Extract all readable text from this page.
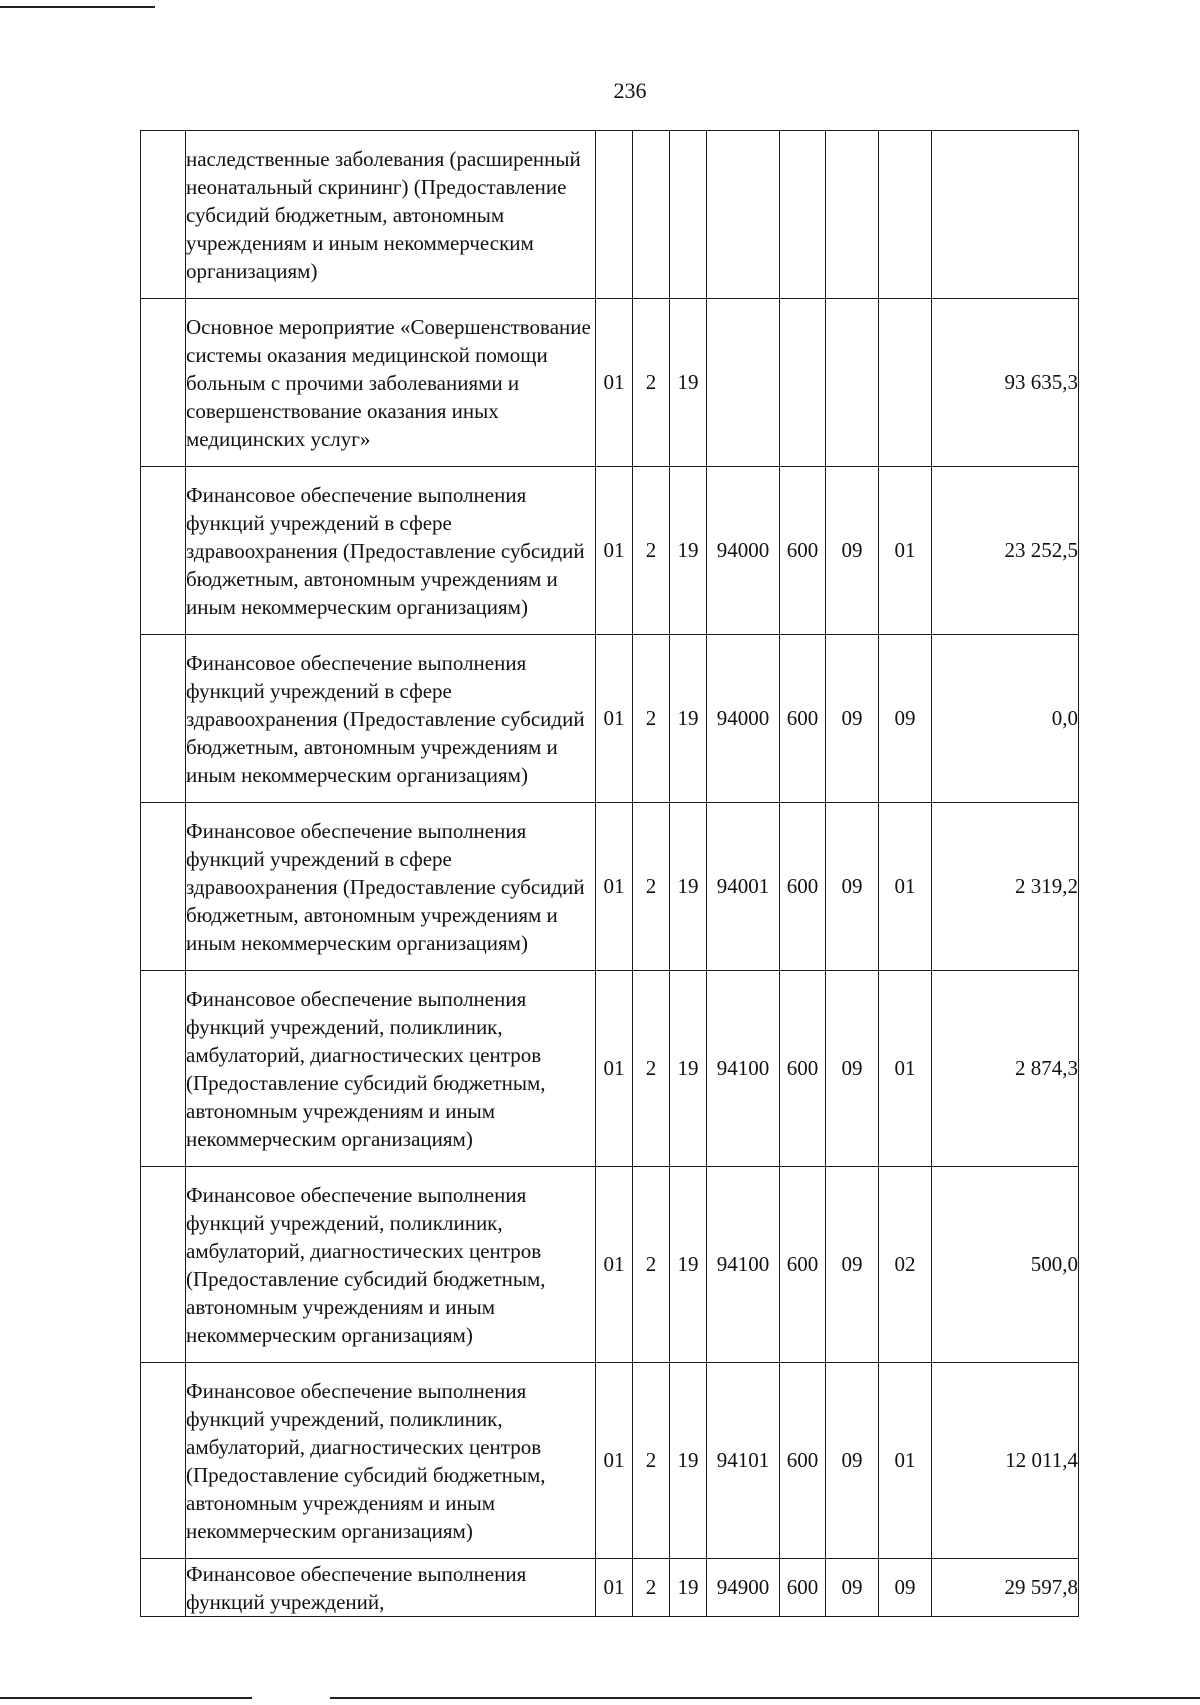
236
	наследственные заболевания (расширенный неонатальный скрининг) (Предоставление субсидий бюджетным, автономным учреждениям и иным некоммерческим организациям)								
	Основное мероприятие «Совершенствование системы оказания медицинской помощи больным с прочими заболеваниями и совершенствование оказания иных медицинских услуг»	01	2	19					93 635,3
	Финансовое обеспечение выполнения функций учреждений в сфере здравоохранения (Предоставление субсидий бюджетным, автономным учреждениям и иным некоммерческим организациям)	01	2	19	94000	600	09	01	23 252,5
	Финансовое обеспечение выполнения функций учреждений в сфере здравоохранения (Предоставление субсидий бюджетным, автономным учреждениям и иным некоммерческим организациям)	01	2	19	94000	600	09	09	0,0
	Финансовое обеспечение выполнения функций учреждений в сфере здравоохранения (Предоставление субсидий бюджетным, автономным учреждениям и иным некоммерческим организациям)	01	2	19	94001	600	09	01	2 319,2
	Финансовое обеспечение выполнения функций учреждений, поликлиник, амбулаторий, диагностических центров (Предоставление субсидий бюджетным, автономным учреждениям и иным некоммерческим организациям)	01	2	19	94100	600	09	01	2 874,3
	Финансовое обеспечение выполнения функций учреждений, поликлиник, амбулаторий, диагностических центров (Предоставление субсидий бюджетным, автономным учреждениям и иным некоммерческим организациям)	01	2	19	94100	600	09	02	500,0
	Финансовое обеспечение выполнения функций учреждений, поликлиник, амбулаторий, диагностических центров (Предоставление субсидий бюджетным, автономным учреждениям и иным некоммерческим организациям)	01	2	19	94101	600	09	01	12 011,4
	Финансовое обеспечение выполнения функций учреждений,	01	2	19	94900	600	09	09	29 597,8
